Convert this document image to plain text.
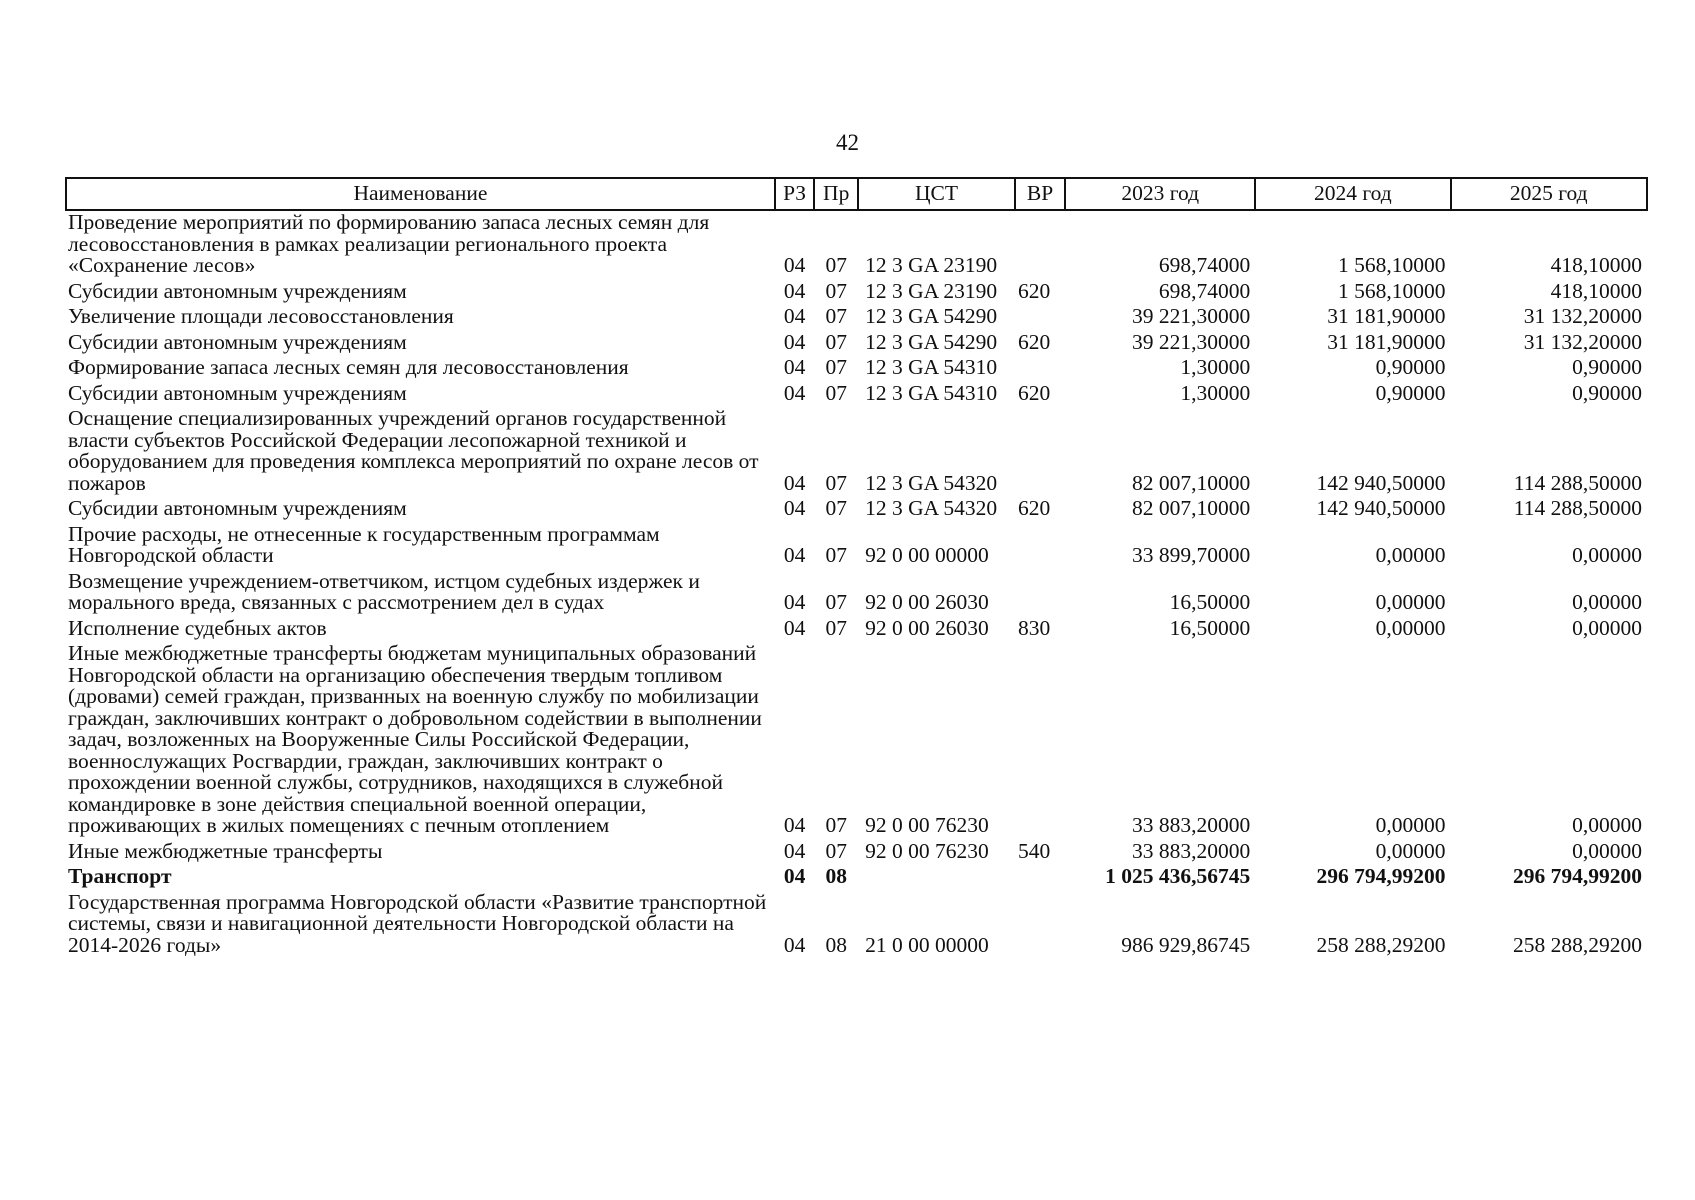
42
Наименование	РЗ	Пр	ЦСТ	ВР	2023 год	2024 год	2025 год
Проведение мероприятий по формированию запаса лесных семян для лесовосстановления в рамках реализации регионального проекта «Сохранение лесов»	04	07	12 3 GA 23190		698,74000	1 568,10000	418,10000
Субсидии автономным учреждениям	04	07	12 3 GA 23190	620	698,74000	1 568,10000	418,10000
Увеличение площади лесовосстановления	04	07	12 3 GA 54290		39 221,30000	31 181,90000	31 132,20000
Субсидии автономным учреждениям	04	07	12 3 GA 54290	620	39 221,30000	31 181,90000	31 132,20000
Формирование запаса лесных семян для лесовосстановления	04	07	12 3 GA 54310		1,30000	0,90000	0,90000
Субсидии автономным учреждениям	04	07	12 3 GA 54310	620	1,30000	0,90000	0,90000
Оснащение специализированных учреждений органов государственной власти субъектов Российской Федерации лесопожарной техникой и оборудованием для проведения комплекса мероприятий по охране лесов от пожаров	04	07	12 3 GA 54320		82 007,10000	142 940,50000	114 288,50000
Субсидии автономным учреждениям	04	07	12 3 GA 54320	620	82 007,10000	142 940,50000	114 288,50000
Прочие расходы, не отнесенные к государственным программам Новгородской области	04	07	92 0 00 00000		33 899,70000	0,00000	0,00000
Возмещение учреждением-ответчиком, истцом судебных издержек и морального вреда, связанных с рассмотрением дел в судах	04	07	92 0 00 26030		16,50000	0,00000	0,00000
Исполнение судебных актов	04	07	92 0 00 26030	830	16,50000	0,00000	0,00000
Иные межбюджетные трансферты бюджетам муниципальных образований Новгородской области на организацию обеспечения твердым топливом (дровами) семей граждан, призванных на военную службу по мобилизации граждан, заключивших контракт о добровольном содействии в выполнении задач, возложенных на Вооруженные Силы Российской Федерации, военнослужащих Росгвардии, граждан, заключивших контракт о прохождении военной службы, сотрудников, находящихся в служебной командировке в зоне действия специальной военной операции, проживающих в жилых помещениях с печным отоплением	04	07	92 0 00 76230		33 883,20000	0,00000	0,00000
Иные межбюджетные трансферты	04	07	92 0 00 76230	540	33 883,20000	0,00000	0,00000
Транспорт	04	08			1 025 436,56745	296 794,99200	296 794,99200
Государственная программа Новгородской области «Развитие транспортной системы, связи и навигационной деятельности Новгородской области на 2014-2026 годы»	04	08	21 0 00 00000		986 929,86745	258 288,29200	258 288,29200
